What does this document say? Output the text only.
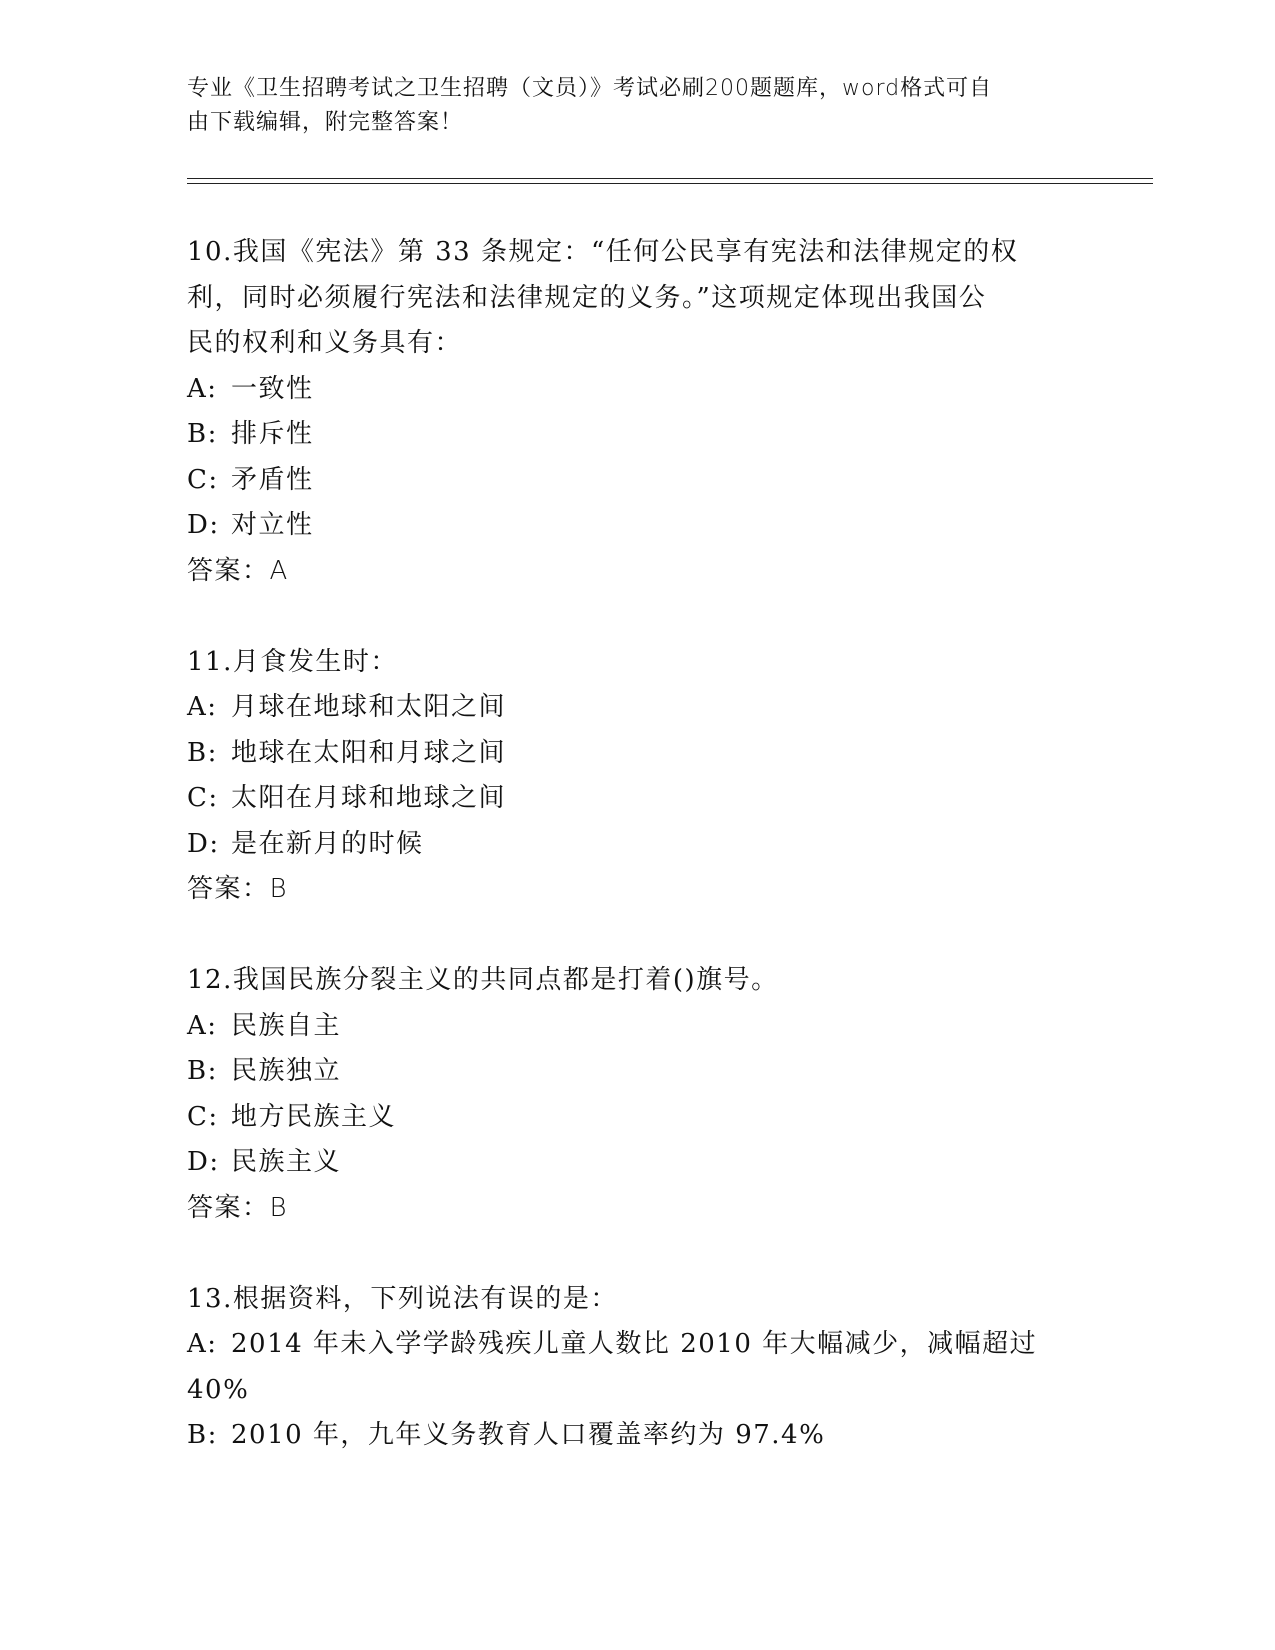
专业《卫生招聘考试之卫生招聘（文员）》考试必刷200题题库，word格式可自
由下载编辑，附完整答案！

10.我国《宪法》第 33 条规定：“任何公民享有宪法和法律规定的权

利，同时必须履行宪法和法律规定的义务。”这项规定体现出我国公

民的权利和义务具有：

A: 一致性

B: 排斥性

C: 矛盾性

D: 对立性

答案：A

11.月食发生时：

A: 月球在地球和太阳之间

B: 地球在太阳和月球之间

C: 太阳在月球和地球之间

D: 是在新月的时候

答案：B

12.我国民族分裂主义的共同点都是打着()旗号。

A: 民族自主

B: 民族独立

C: 地方民族主义

D: 民族主义

答案：B

13.根据资料，下列说法有误的是：

A: 2014 年未入学学龄残疾儿童人数比 2010 年大幅减少，减幅超过

40%

B: 2010 年，九年义务教育人口覆盖率约为 97.4%
